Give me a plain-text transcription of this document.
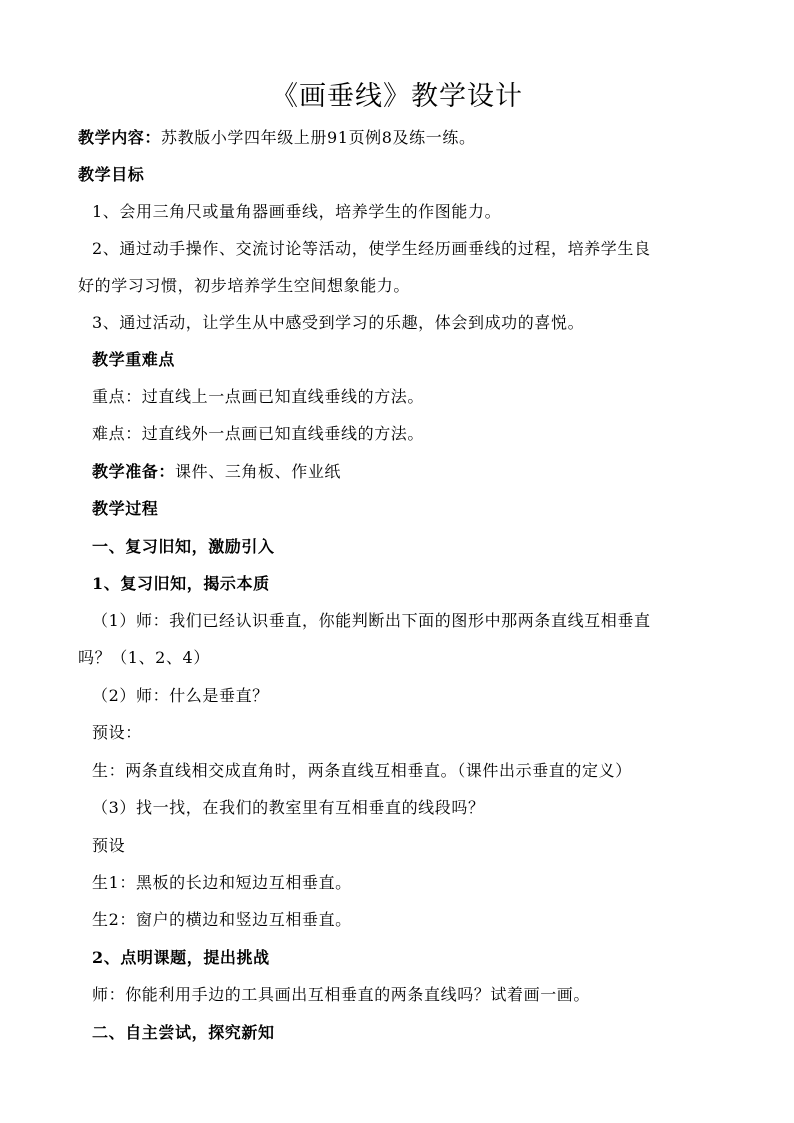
《画垂线》教学设计
教学内容：苏教版小学四年级上册91页例8及练一练。
教学目标
1、会用三角尺或量角器画垂线，培养学生的作图能力。
2、通过动手操作、交流讨论等活动，使学生经历画垂线的过程，培养学生良
好的学习习惯，初步培养学生空间想象能力。
3、通过活动，让学生从中感受到学习的乐趣，体会到成功的喜悦。
教学重难点
重点：过直线上一点画已知直线垂线的方法。
难点：过直线外一点画已知直线垂线的方法。
教学准备：课件、三角板、作业纸
教学过程
一、复习旧知，激励引入
1、复习旧知，揭示本质
（1）师：我们已经认识垂直，你能判断出下面的图形中那两条直线互相垂直
吗？（1、2、4）
（2）师：什么是垂直？
预设：
生：两条直线相交成直角时，两条直线互相垂直。（课件出示垂直的定义）
（3）找一找，在我们的教室里有互相垂直的线段吗？
预设
生1：黑板的长边和短边互相垂直。
生2：窗户的横边和竖边互相垂直。
2、点明课题，提出挑战
师：你能利用手边的工具画出互相垂直的两条直线吗？试着画一画。
二、自主尝试，探究新知
